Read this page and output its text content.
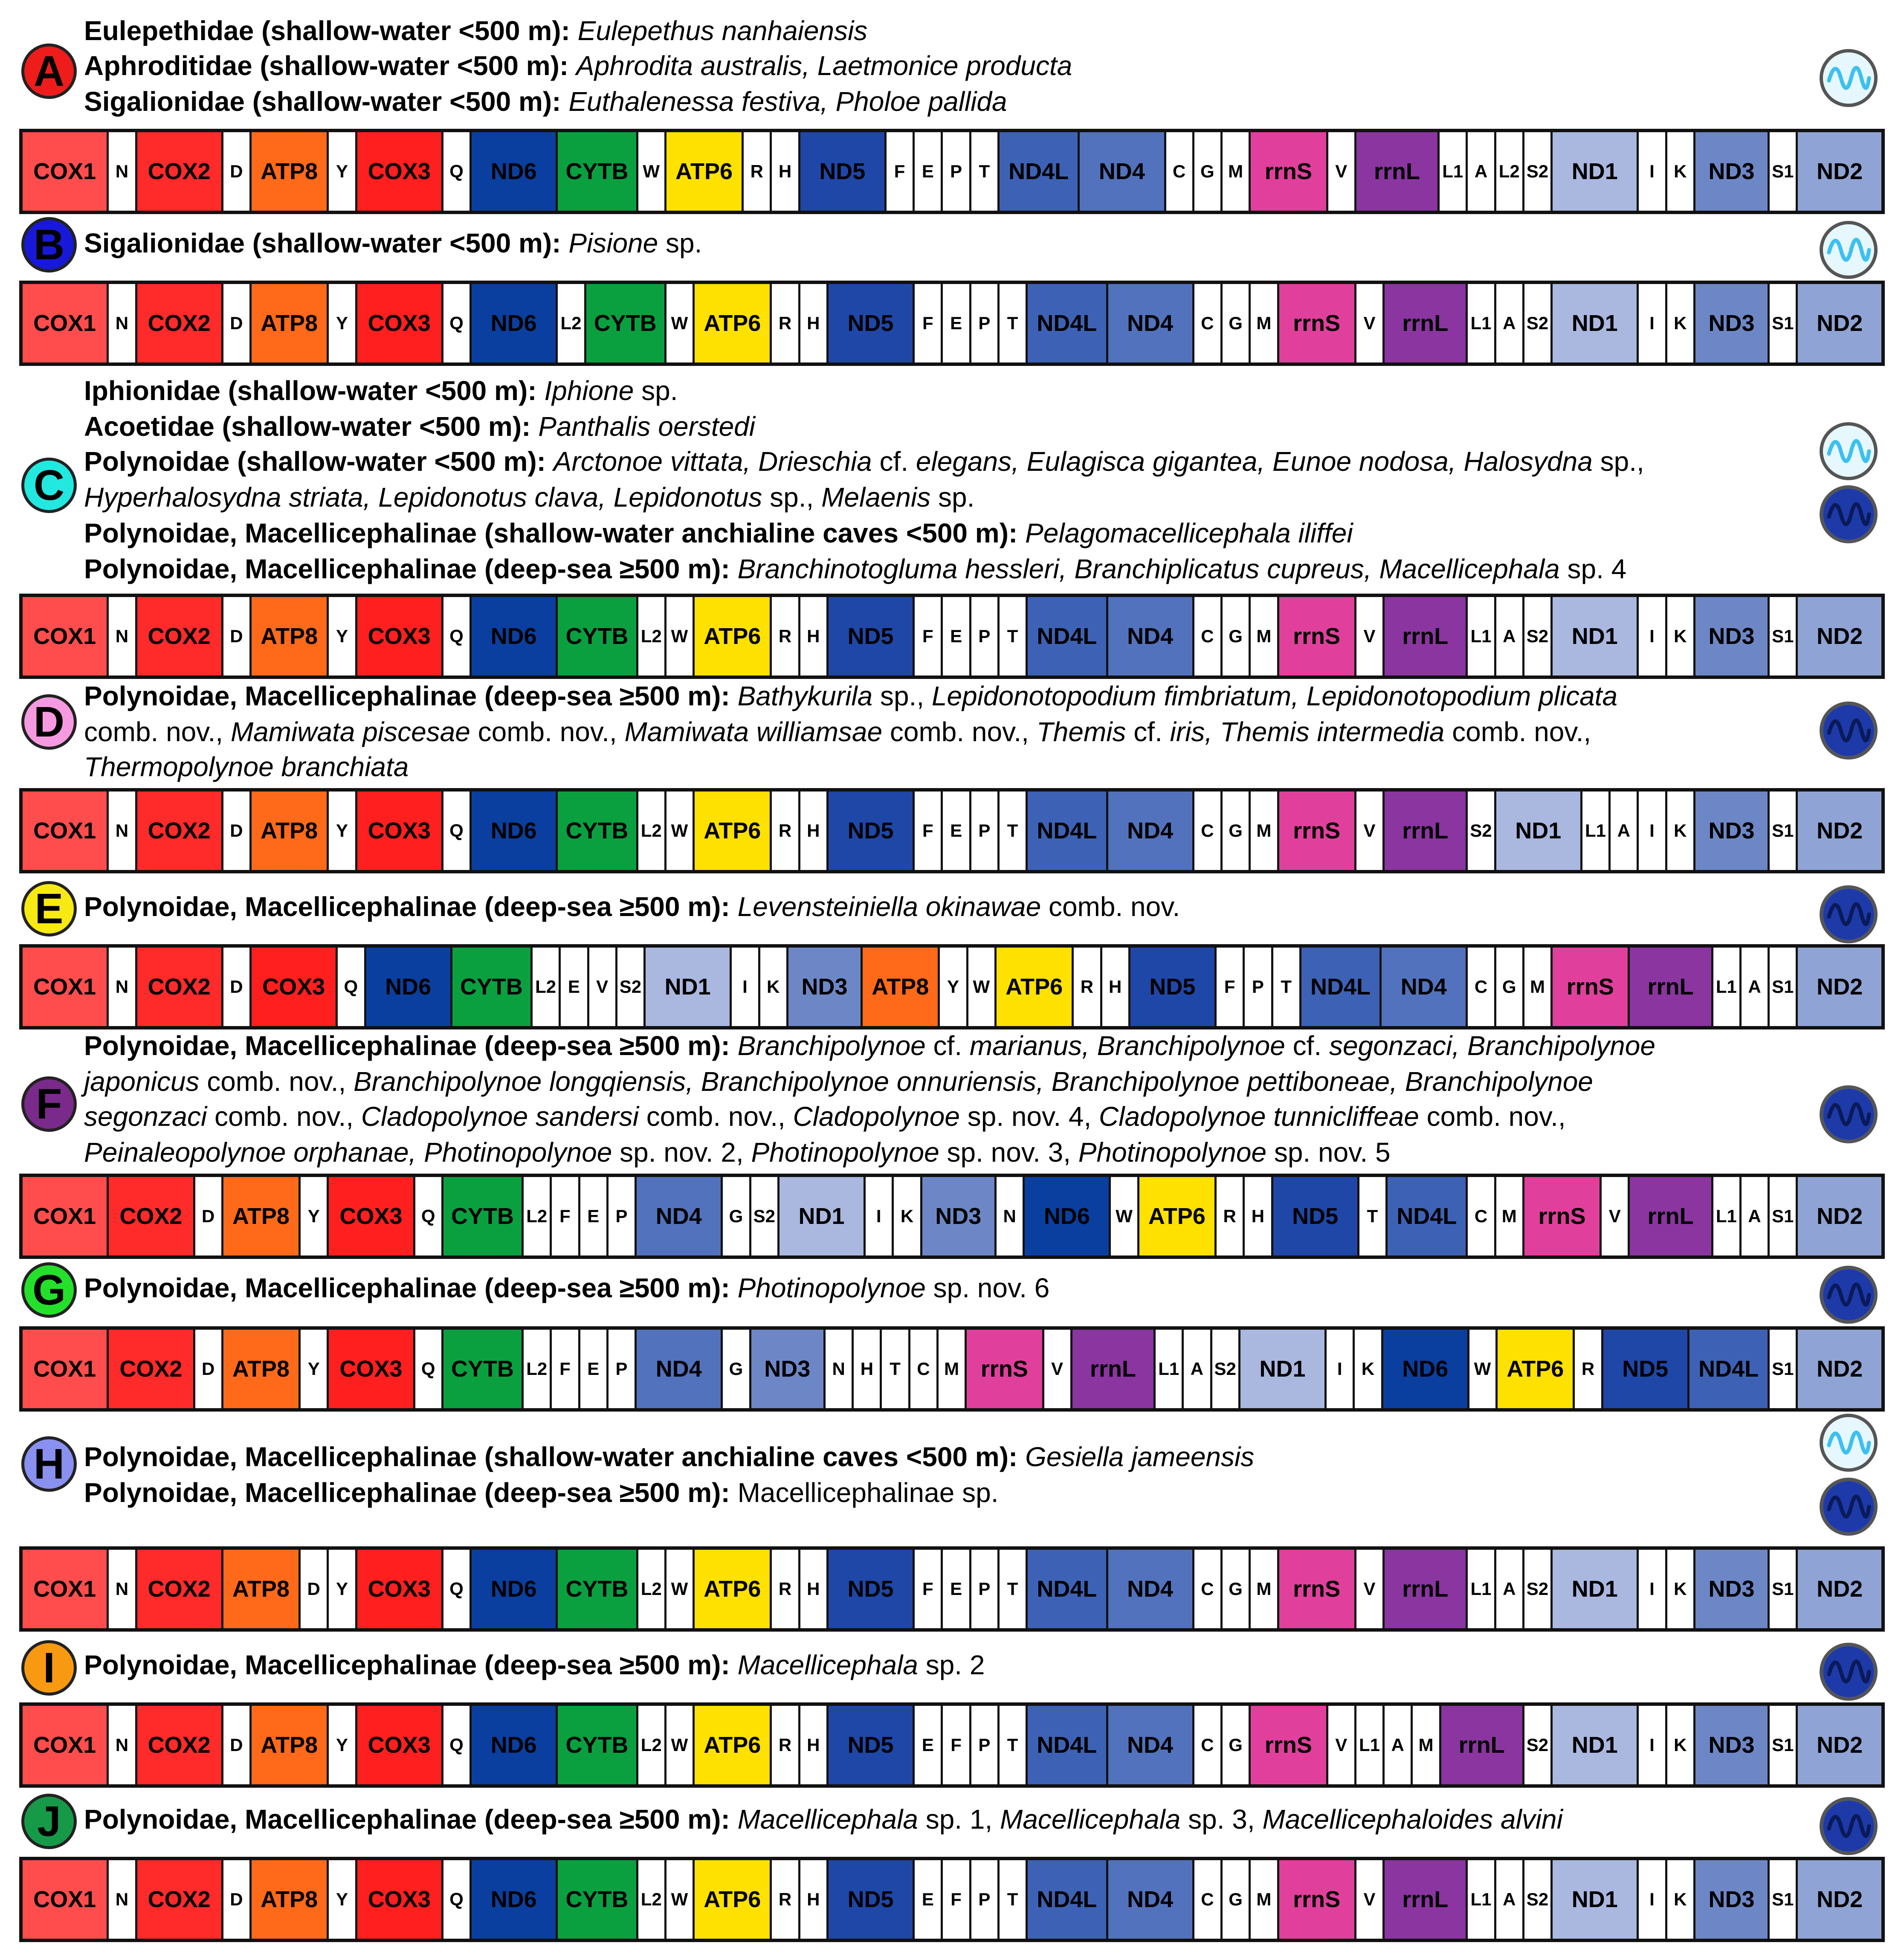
A
Eulepethidae (shallow-water <500 m): Eulepethus nanhaiensis
Aphroditidae (shallow-water <500 m): Aphrodita australis, Laetmonice producta
Sigalionidae (shallow-water <500 m): Euthalenessa festiva, Pholoe pallida
COX1	N COX2	D ATP8	Y COX3	Q	ND6	CYTB W ATP6 R H	ND5	F E P T ND4L	ND4	C G M rrnS	V	rrnL	L1 A L2 S2	ND1	I	K ND3 S1 ND2
B Sigalionidae (shallow-water <500 m): Pisione sp.
COX1	N COX2	D ATP8	Y COX3	Q	ND6	L2 CYTB W ATP6 R H	ND5	F E P T ND4L	ND4	C G M rrnS	V	rrnL	L1 A S2	ND1	I	K ND3 S1 ND2
C
Iphionidae (shallow-water <500 m): Iphione sp.
Acoetidae (shallow-water <500 m): Panthalis oerstedi
Polynoidae (shallow-water <500 m): Arctonoe vittata, Drieschia cf. elegans, Eulagisca gigantea, Eunoe nodosa, Halosydna sp.,
Hyperhalosydna striata, Lepidonotus clava, Lepidonotus sp., Melaenis sp.
Polynoidae, Macellicephalinae (shallow-water anchialine caves <500 m): Pelagomacellicephala iliffei
Polynoidae, Macellicephalinae (deep-sea ≥500 m): Branchinotogluma hessleri, Branchiplicatus cupreus, Macellicephala sp. 4
COX1	N COX2	D ATP8	Y COX3	Q	ND6	CYTB L2 W ATP6 R H	ND5	F E P T ND4L	ND4	C G M rrnS	V	rrnL	L1 A S2	ND1	I	K ND3 S1 ND2
D
Polynoidae, Macellicephalinae (deep-sea ≥500 m): Bathykurila sp., Lepidonotopodium fimbriatum, Lepidonotopodium plicata
comb. nov., Mamiwata piscesae comb. nov., Mamiwata williamsae comb. nov., Themis cf. iris, Themis intermedia comb. nov.,
Thermopolynoe branchiata
COX1	N COX2	D ATP8	Y COX3	Q	ND6	CYTB L2 W ATP6 R H	ND5	F E P T ND4L	ND4	C G M rrnS	V	rrnL	S2	ND1	L1 A	I	K ND3 S1 ND2
E Polynoidae, Macellicephalinae (deep-sea ≥500 m): Levensteiniella okinawae comb. nov.
COX1	N COX2	D COX3	Q	ND6	CYTB L2 E V S2	ND1	I	K ND3	ATP8	Y W ATP6 R H	ND5	F P T ND4L	ND4	C G M rrnS	rrnL	L1 A S1 ND2
F
Polynoidae, Macellicephalinae (deep-sea ≥500 m): Branchipolynoe cf. marianus, Branchipolynoe cf. segonzaci, Branchipolynoe
japonicus comb. nov., Branchipolynoe longqiensis, Branchipolynoe onnuriensis, Branchipolynoe pettiboneae, Branchipolynoe
segonzaci comb. nov., Cladopolynoe sandersi comb. nov., Cladopolynoe sp. nov. 4, Cladopolynoe tunnicliffeae comb. nov.,
Peinaleopolynoe orphanae, Photinopolynoe sp. nov. 2, Photinopolynoe sp. nov. 3, Photinopolynoe sp. nov. 5
COX1	COX2	D ATP8	Y COX3	Q CYTB L2 F E P	ND4	G S2	ND1	I	K ND3	N	ND6	W ATP6 R H	ND5	T ND4L C M rrnS	V	rrnL	L1 A S1 ND2
G Polynoidae, Macellicephalinae (deep-sea ≥500 m): Photinopolynoe sp. nov. 6
COX1	COX2	D ATP8	Y COX3	Q CYTB L2 F E P	ND4	G ND3	N H T C M rrnS	V	rrnL	L1 A S2	ND1	I	K	ND6	W ATP6 R	ND5	ND4L S1 ND2
H Polynoidae, Macellicephalinae (shallow-water anchialine caves <500 m): Gesiella jameensis
Polynoidae, Macellicephalinae (deep-sea ≥500 m): Macellicephalinae sp.
COX1	N COX2 ATP8 D Y COX3	Q	ND6	CYTB L2 W ATP6 R H	ND5	F E P T ND4L	ND4	C G M rrnS	V	rrnL	L1 A S2	ND1	I	K ND3 S1 ND2
I	Polynoidae, Macellicephalinae (deep-sea ≥500 m): Macellicephala sp. 2
COX1	N COX2	D ATP8	Y COX3	Q	ND6	CYTB L2 W ATP6 R H	ND5	E F P T ND4L	ND4	C G rrnS	V L1 A M	rrnL	S2	ND1	I	K ND3 S1 ND2
J Polynoidae, Macellicephalinae (deep-sea ≥500 m): Macellicephala sp. 1, Macellicephala sp. 3, Macellicephaloides alvini
COX1	N COX2	D ATP8	Y COX3	Q	ND6	CYTB L2 W ATP6 R H	ND5	E F P T ND4L	ND4	C G M rrnS	V	rrnL	L1 A S2	ND1	I	K ND3 S1 ND2
